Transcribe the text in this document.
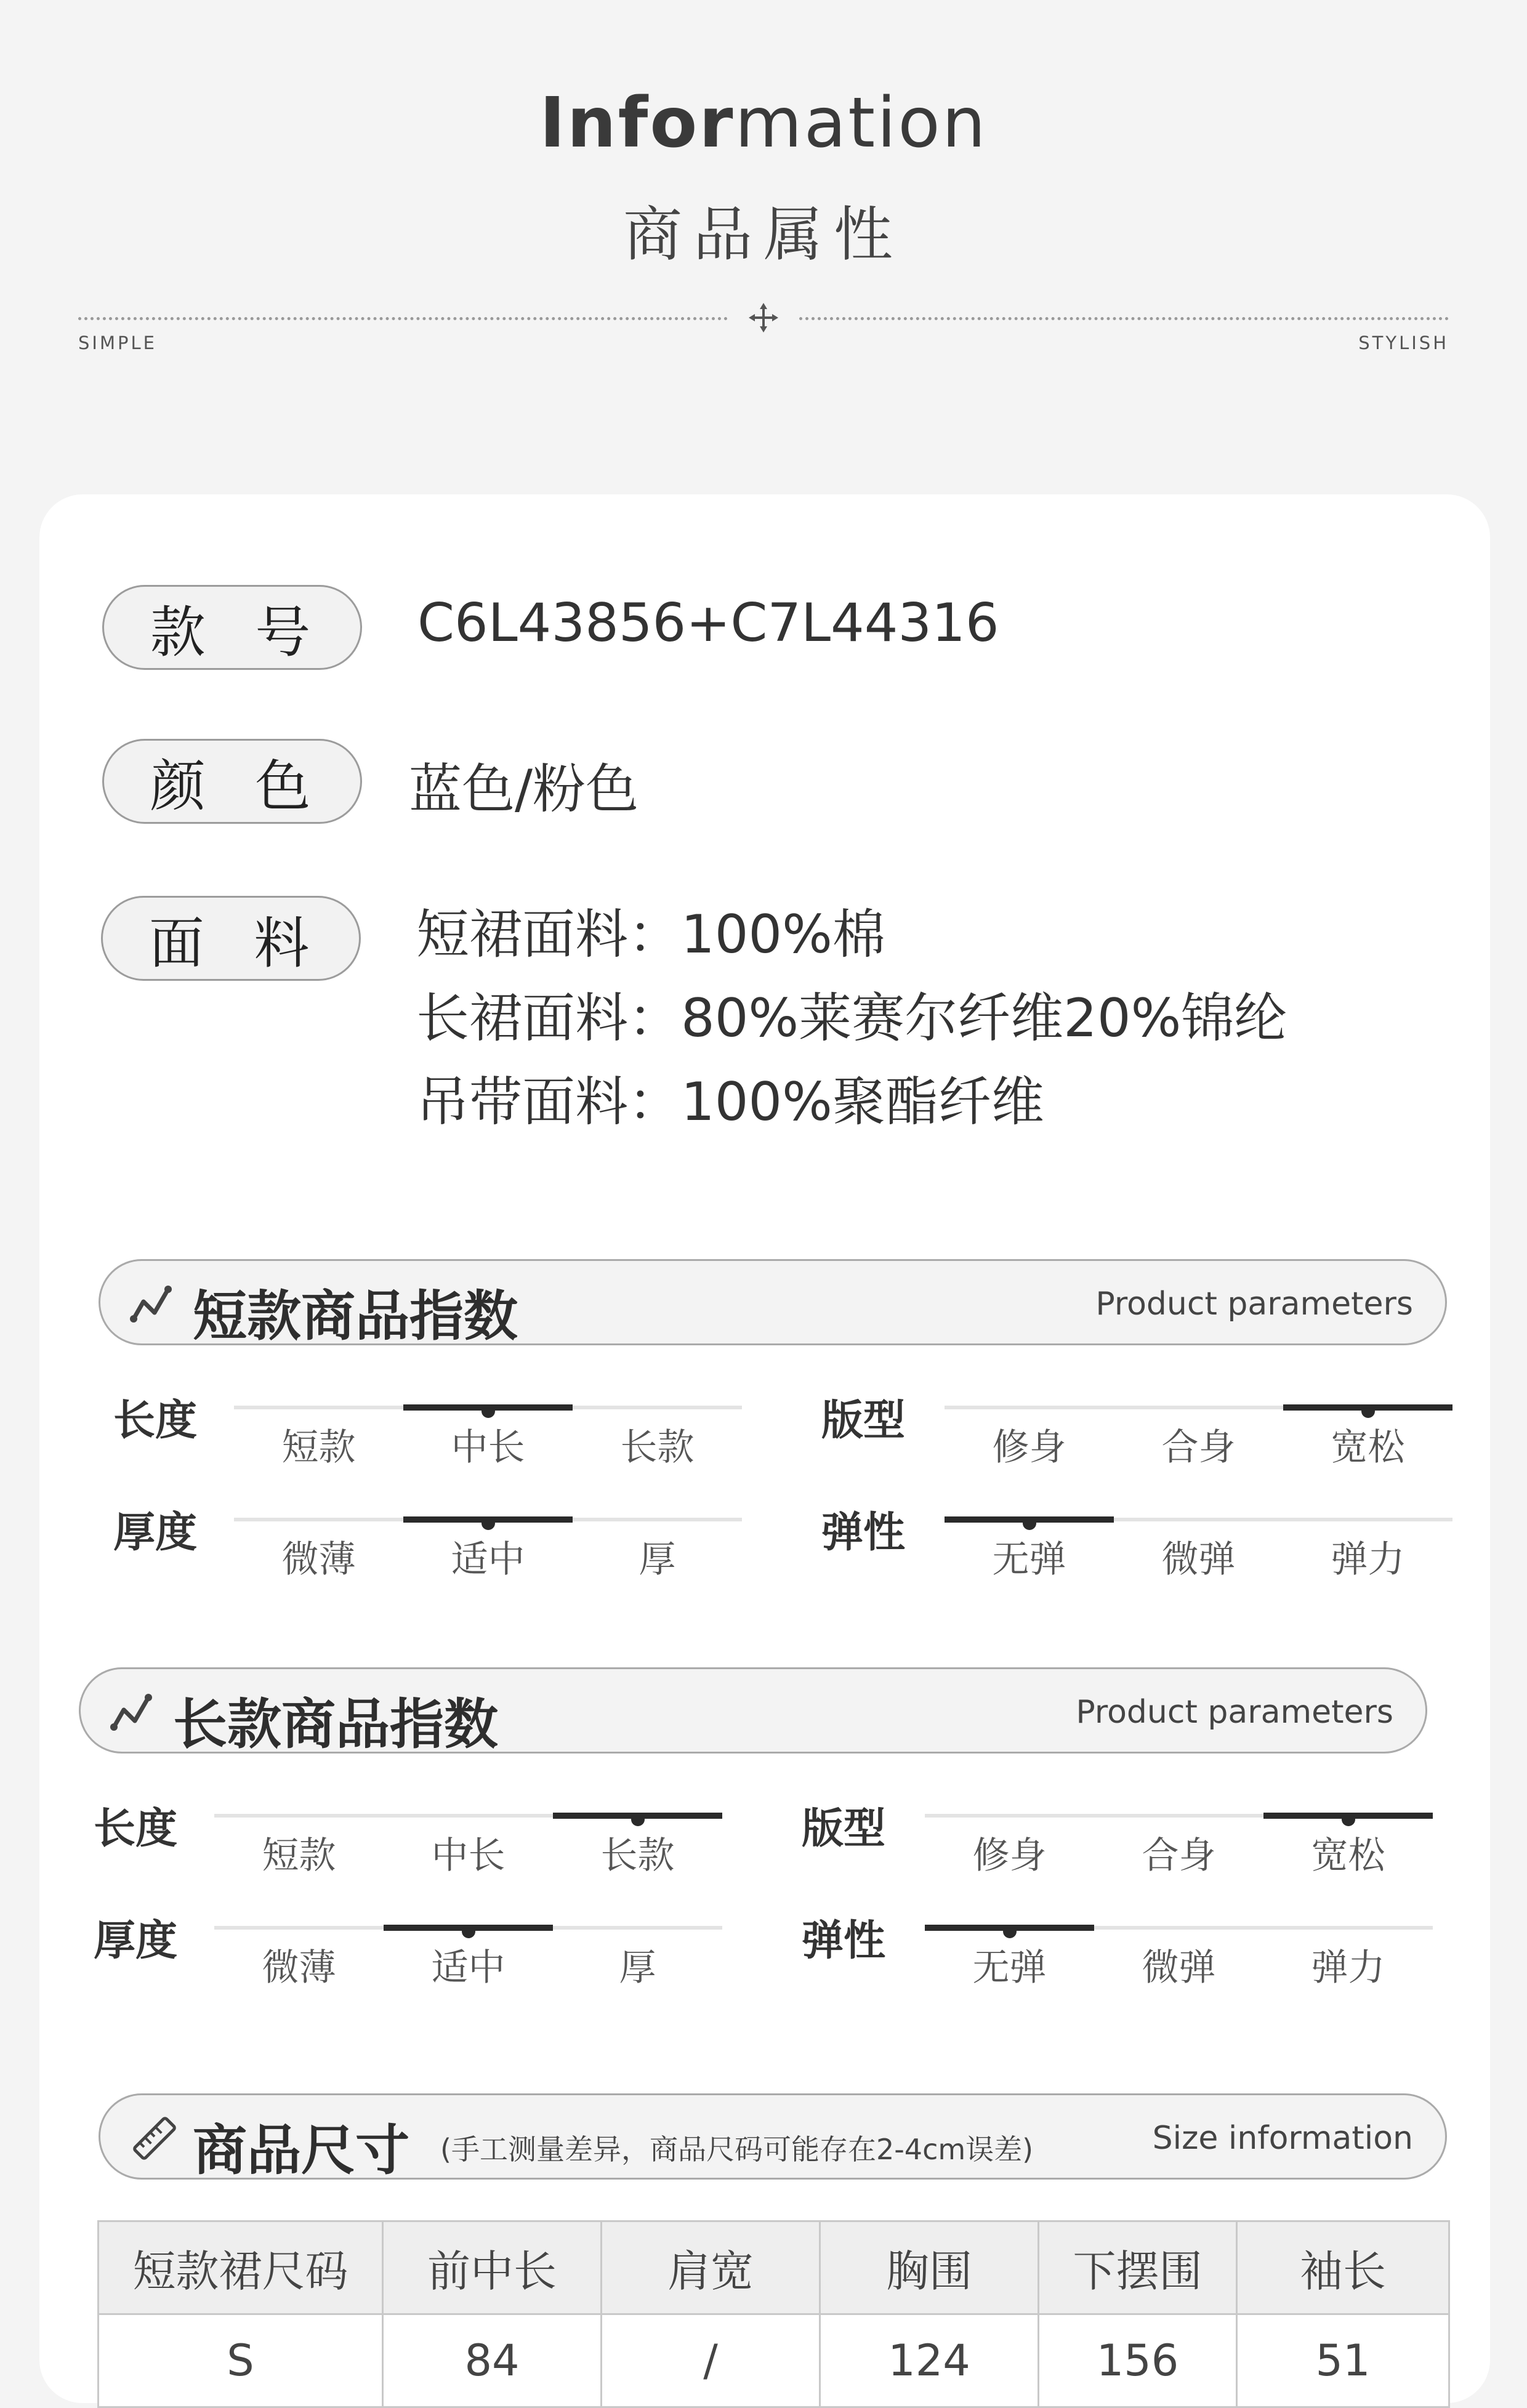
Information
商品属性
SIMPLE	STYLISH
款 号	C6L43856+C7L44316
颜 色	蓝色/粉色
面 料	短裙面料：100%棉
长裙面料：80%莱赛尔纤维20%锦纶
吊带面料：100%聚酯纤维
短款商品指数	Product parameters
长度
短款	中长	长款
版型
修身	合身	宽松
厚度
微薄	适中	厚
弹性
无弹	微弹	弹力
长款商品指数	Product parameters
长度
短款	中长	长款
版型
修身	合身	宽松
厚度
微薄	适中	厚
弹性
无弹	微弹	弹力
商品尺寸 (手工测量差异，商品尺码可能存在2-4cm误差)	Size information
短款裙尺码	前中长	肩宽	胸围	下摆围	袖长
S	84	/	124	156	51
